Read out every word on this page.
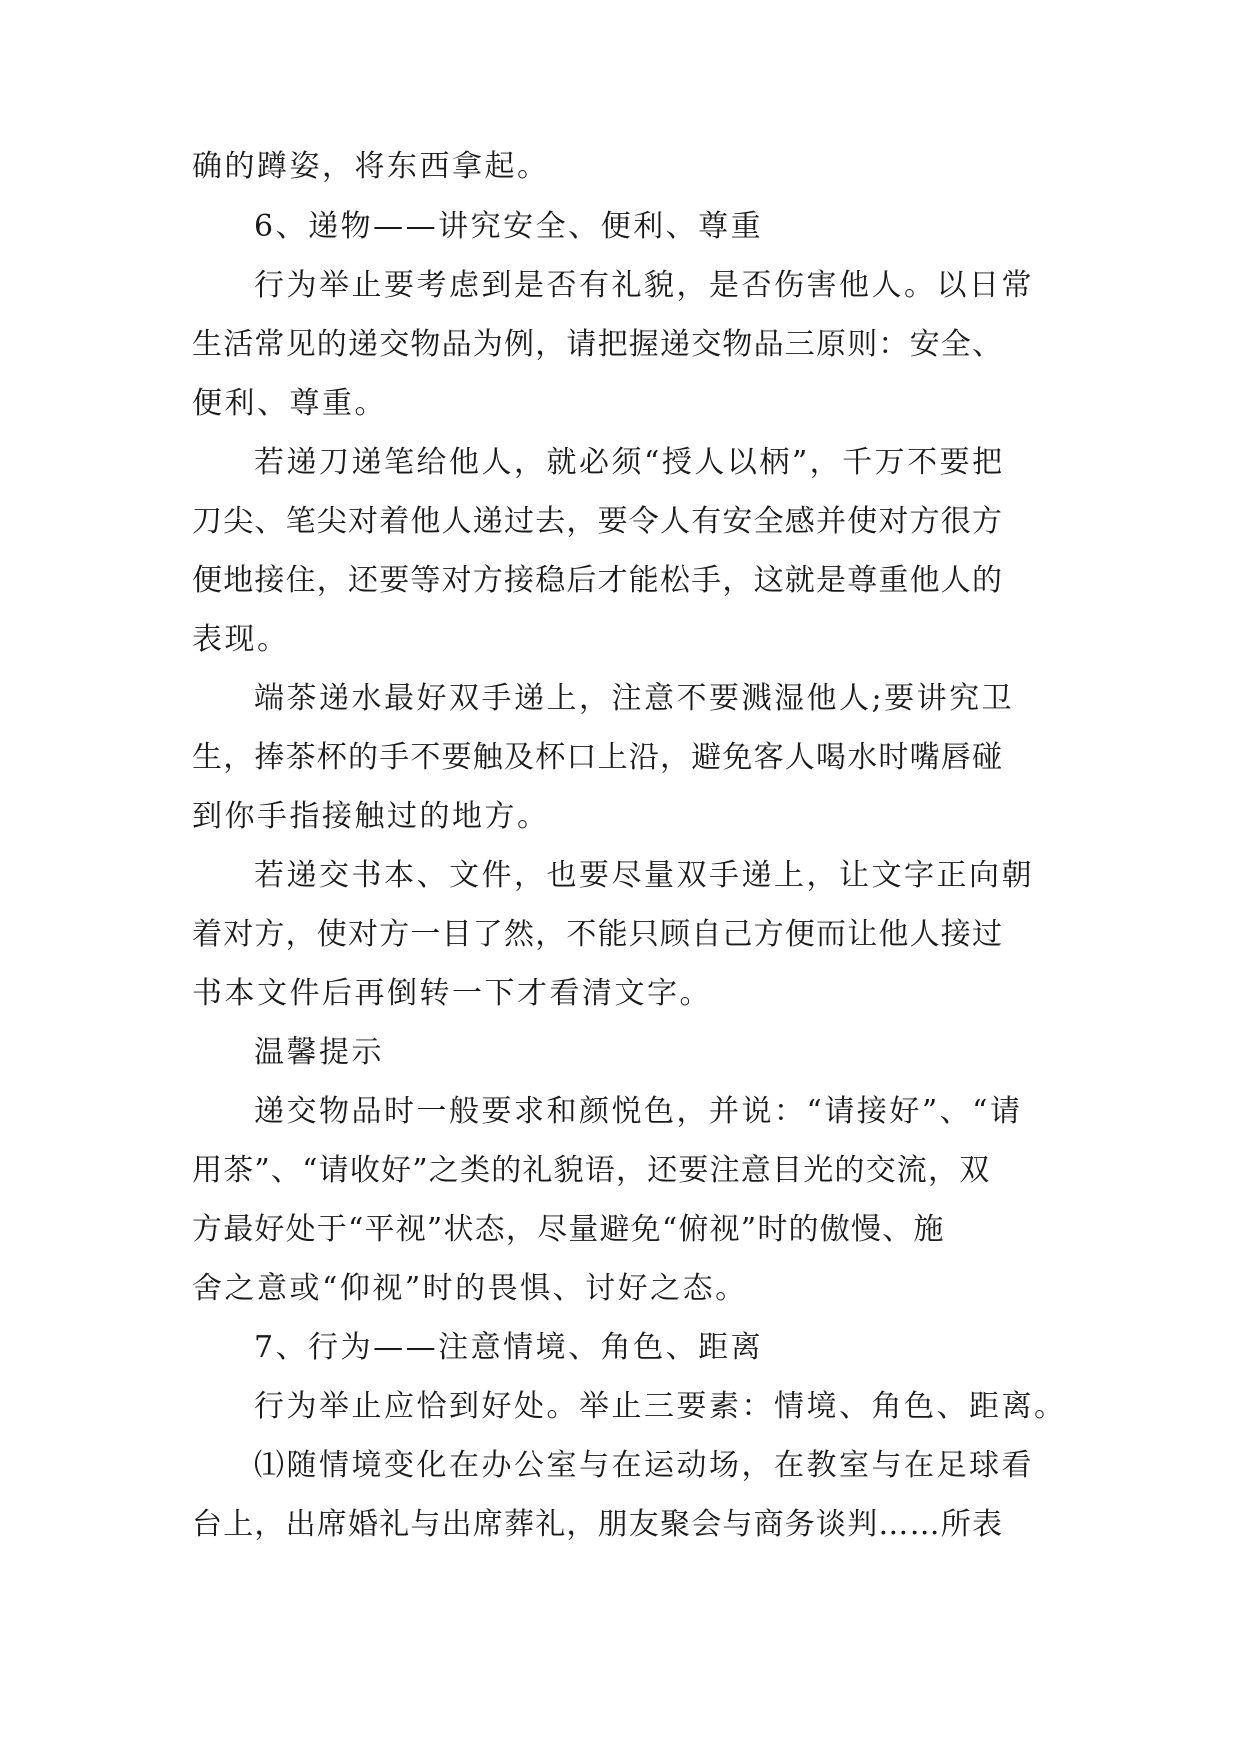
确的蹲姿，将东西拿起。
6、递物——讲究安全、便利、尊重
行为举止要考虑到是否有礼貌，是否伤害他人。以日常
生活常见的递交物品为例，请把握递交物品三原则：安全、
便利、尊重。
若递刀递笔给他人，就必须“授人以柄”，千万不要把
刀尖、笔尖对着他人递过去，要令人有安全感并使对方很方
便地接住，还要等对方接稳后才能松手，这就是尊重他人的
表现。
端茶递水最好双手递上，注意不要溅湿他人;要讲究卫
生，捧茶杯的手不要触及杯口上沿，避免客人喝水时嘴唇碰
到你手指接触过的地方。
若递交书本、文件，也要尽量双手递上，让文字正向朝
着对方，使对方一目了然，不能只顾自己方便而让他人接过
书本文件后再倒转一下才看清文字。
温馨提示
递交物品时一般要求和颜悦色，并说：“请接好”、“请
用茶”、“请收好”之类的礼貌语，还要注意目光的交流，双
方最好处于“平视”状态，尽量避免“俯视”时的傲慢、施
舍之意或“仰视”时的畏惧、讨好之态。
7、行为——注意情境、角色、距离
行为举止应恰到好处。举止三要素：情境、角色、距离。
⑴随情境变化在办公室与在运动场，在教室与在足球看
台上，出席婚礼与出席葬礼，朋友聚会与商务谈判……所表
